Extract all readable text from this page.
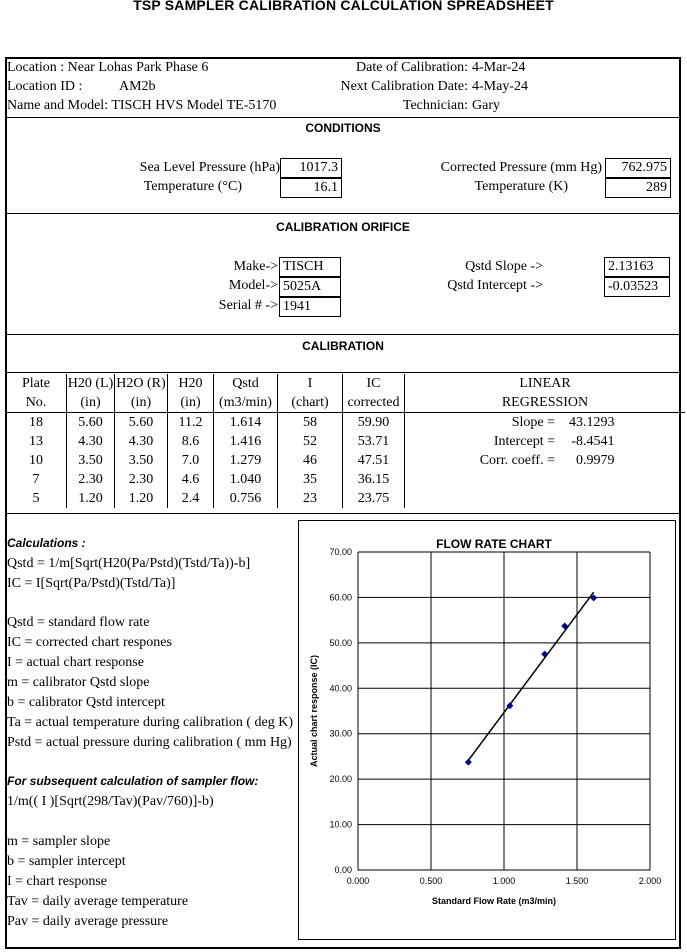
TSP SAMPLER CALIBRATION CALCULATION SPREADSHEET
Location : Near Lohas Park Phase 6
Location ID :	AM2b
Name and Model: TISCH HVS Model TE-5170
Date of Calibration: 4-Mar-24
Next Calibration Date: 4-May-24
Technician: Gary
CONDITIONS
Sea Level Pressure (hPa)	1017.3
Temperature (°C)	16.1
Corrected Pressure (mm Hg)	762.975
Temperature (K)	289
CALIBRATION ORIFICE
Make-> TISCH
Model-> 5025A
Serial # -> 1941
Qstd Slope ->	2.13163
Qstd Intercept ->	-0.03523
CALIBRATION
Plate	H20 (L)	H2O (R)	H20	Qstd	I	IC	LINEAR
No.	(in)	(in)	(in)	(m3/min)	(chart)	corrected	REGRESSION
18	5.60	5.60	11.2	1.614	58	59.90	Slope = 43.1293
13	4.30	4.30	8.6	1.416	52	53.71	Intercept = -8.4541
10	3.50	3.50	7.0	1.279	46	47.51	Corr. coeff. = 0.9979
7	2.30	2.30	4.6	1.040	35	36.15	
5	1.20	1.20	2.4	0.756	23	23.75	
Calculations :
Qstd = 1/m[Sqrt(H20(Pa/Pstd)(Tstd/Ta))-b]
IC = I[Sqrt(Pa/Pstd)(Tstd/Ta)]
Qstd = standard flow rate
IC = corrected chart respones
I = actual chart response
m = calibrator Qstd slope
b = calibrator Qstd intercept
Ta = actual temperature during calibration ( deg K)
Pstd = actual pressure during calibration ( mm Hg)
For subsequent calculation of sampler flow:
1/m(( I )[Sqrt(298/Tav)(Pav/760)]-b)
m = sampler slope
b = sampler intercept
I = chart response
Tav = daily average temperature
Pav = daily average pressure
FLOW RATE CHART
0.00
10.00
20.00
30.00
40.00
50.00
60.00
70.00
0.000	0.500	1.000	1.500	2.000
Standard Flow Rate (m3/min)
Actual chart response (IC)
